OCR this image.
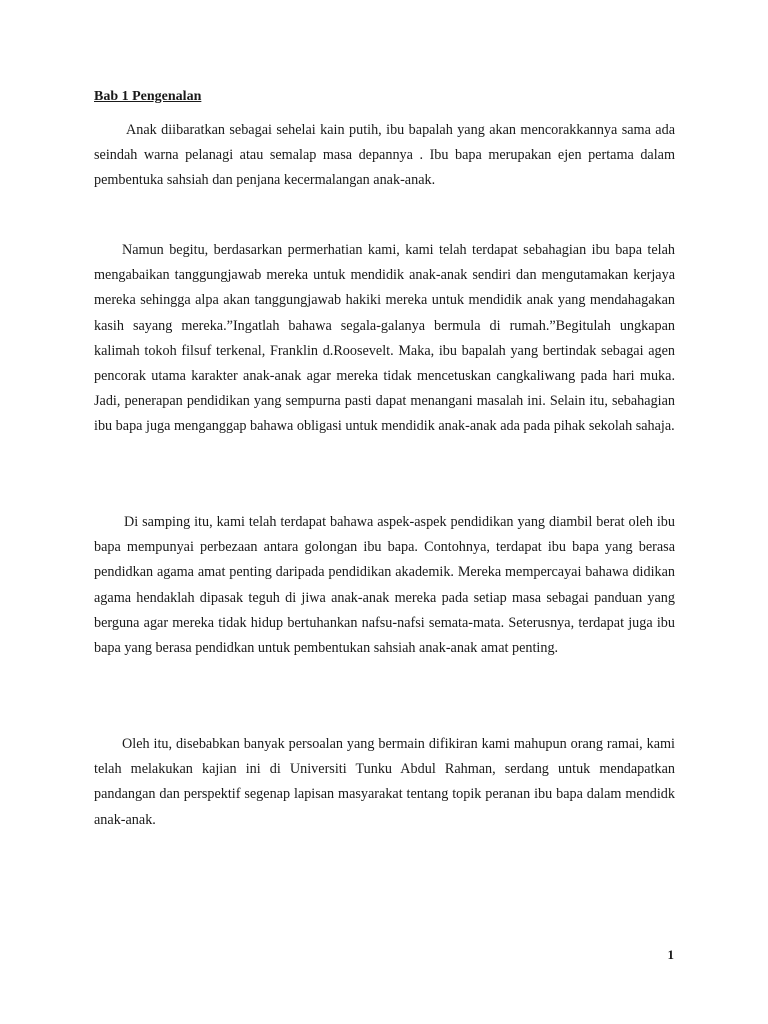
Bab 1 Pengenalan

Anak diibaratkan sebagai sehelai kain putih, ibu bapalah yang akan mencorakkannya sama ada seindah warna pelanagi atau semalap masa depannya . Ibu bapa merupakan ejen pertama dalam pembentuka sahsiah dan penjana kecermalangan anak-anak.

Namun begitu, berdasarkan permerhatian kami, kami telah terdapat sebahagian ibu bapa telah mengabaikan tanggungjawab mereka untuk mendidik anak-anak sendiri dan mengutamakan kerjaya mereka sehingga alpa akan tanggungjawab hakiki mereka untuk mendidik anak yang mendahagakan kasih sayang mereka.”Ingatlah bahawa segala-galanya bermula di rumah.”Begitulah ungkapan kalimah tokoh filsuf terkenal, Franklin d.Roosevelt. Maka, ibu bapalah yang bertindak sebagai agen pencorak utama karakter anak-anak agar mereka tidak mencetuskan cangkaliwang pada hari muka. Jadi, penerapan pendidikan yang sempurna pasti dapat menangani masalah ini. Selain itu, sebahagian ibu bapa juga menganggap bahawa obligasi untuk mendidik anak-anak ada pada pihak sekolah sahaja.

Di samping itu, kami telah terdapat bahawa aspek-aspek pendidikan yang diambil berat oleh ibu bapa mempunyai perbezaan antara golongan ibu bapa. Contohnya, terdapat ibu bapa yang berasa pendidkan agama amat penting daripada pendidikan akademik. Mereka mempercayai bahawa didikan agama hendaklah dipasak teguh di jiwa anak-anak mereka pada setiap masa sebagai panduan yang berguna agar mereka tidak hidup bertuhankan nafsu-nafsi semata-mata. Seterusnya, terdapat juga ibu bapa yang berasa pendidkan untuk pembentukan sahsiah anak-anak amat penting.

Oleh itu, disebabkan banyak persoalan yang bermain difikiran kami mahupun orang ramai, kami telah melakukan kajian ini di Universiti Tunku Abdul Rahman, serdang untuk mendapatkan pandangan dan perspektif segenap lapisan masyarakat tentang topik peranan ibu bapa dalam mendidk anak-anak.

1
